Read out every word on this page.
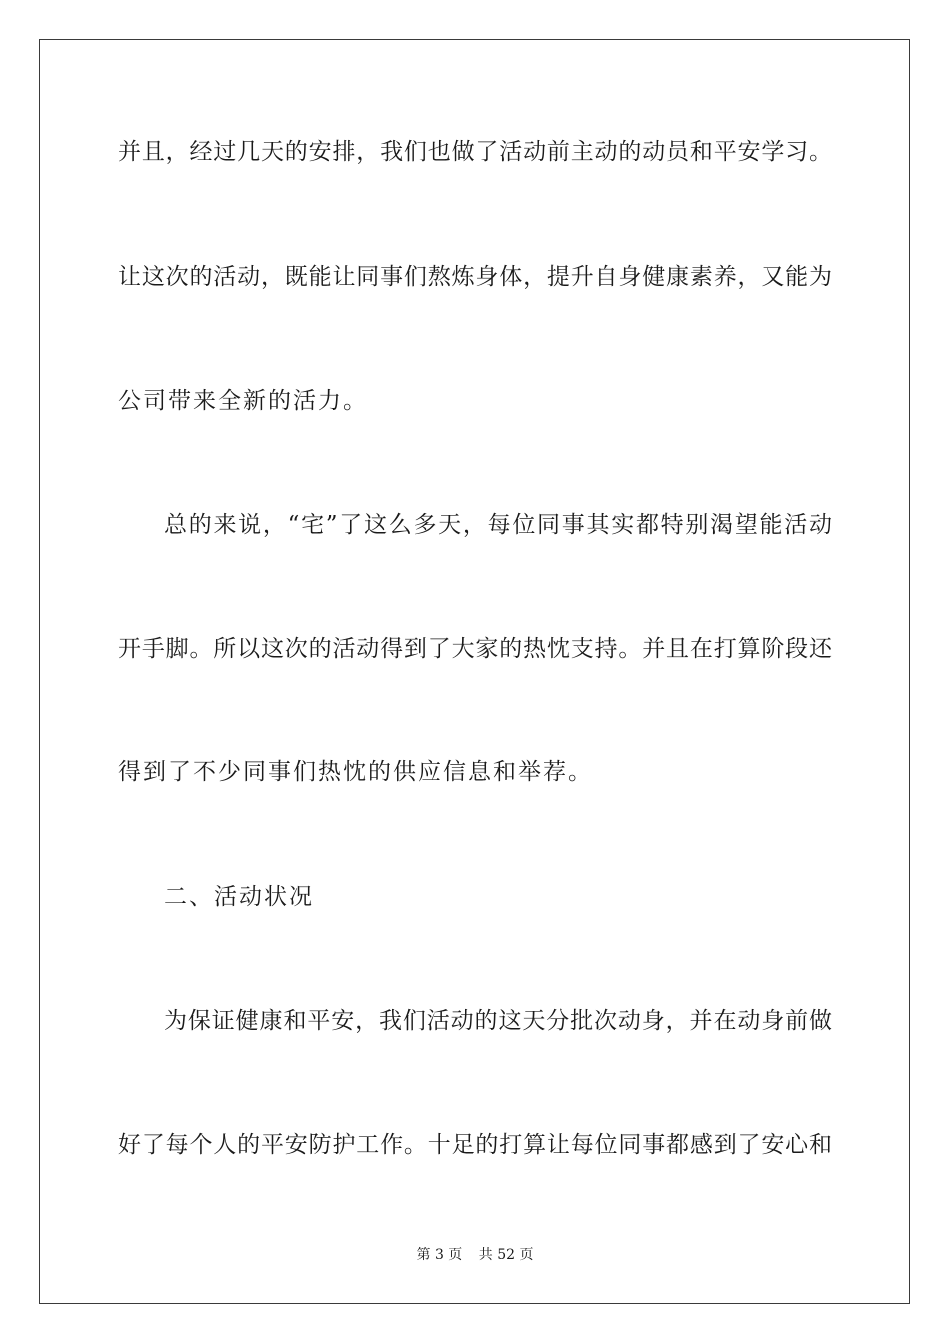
并且，经过几天的安排，我们也做了活动前主动的动员和平安学习。
让这次的活动，既能让同事们熬炼身体，提升自身健康素养，又能为
公司带来全新的活力。
总的来说，“宅”了这么多天，每位同事其实都特别渴望能活动
开手脚。所以这次的活动得到了大家的热忱支持。并且在打算阶段还
得到了不少同事们热忱的供应信息和举荐。
二、活动状况
为保证健康和平安，我们活动的这天分批次动身，并在动身前做
好了每个人的平安防护工作。十足的打算让每位同事都感到了安心和
第 3 页 共 52 页
